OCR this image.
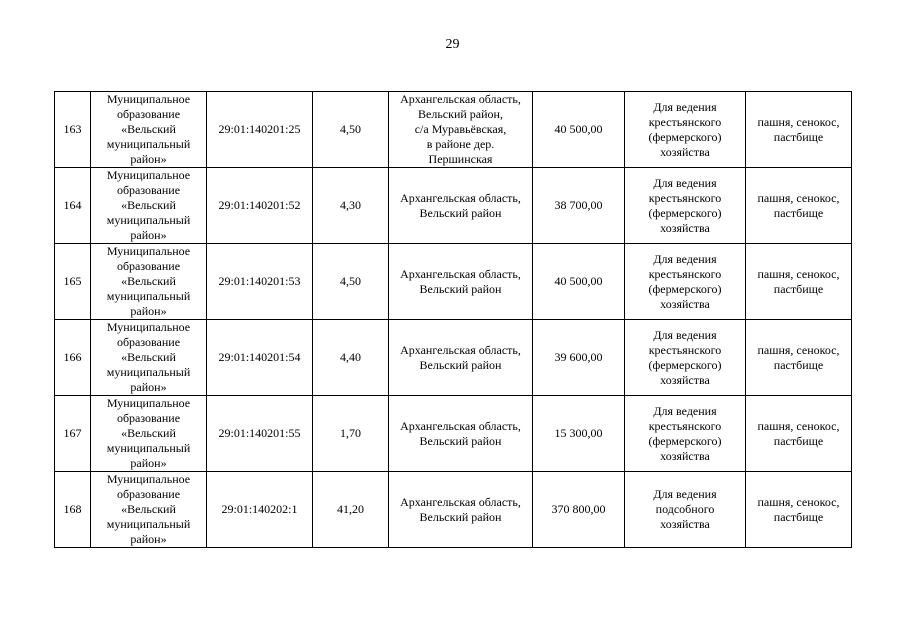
29
163	Муниципальное
образование
«Вельский
муниципальный
район»	29:01:140201:25	4,50	Архангельская область,
Вельский район,
с/а Муравьёвская,
в районе дер.
Першинская	40 500,00	Для ведения
крестьянского
(фермерского)
хозяйства	пашня, сенокос,
пастбище
164	Муниципальное
образование
«Вельский
муниципальный
район»	29:01:140201:52	4,30	Архангельская область,
Вельский район	38 700,00	Для ведения
крестьянского
(фермерского)
хозяйства	пашня, сенокос,
пастбище
165	Муниципальное
образование
«Вельский
муниципальный
район»	29:01:140201:53	4,50	Архангельская область,
Вельский район	40 500,00	Для ведения
крестьянского
(фермерского)
хозяйства	пашня, сенокос,
пастбище
166	Муниципальное
образование
«Вельский
муниципальный
район»	29:01:140201:54	4,40	Архангельская область,
Вельский район	39 600,00	Для ведения
крестьянского
(фермерского)
хозяйства	пашня, сенокос,
пастбище
167	Муниципальное
образование
«Вельский
муниципальный
район»	29:01:140201:55	1,70	Архангельская область,
Вельский район	15 300,00	Для ведения
крестьянского
(фермерского)
хозяйства	пашня, сенокос,
пастбище
168	Муниципальное
образование
«Вельский
муниципальный
район»	29:01:140202:1	41,20	Архангельская область,
Вельский район	370 800,00	Для ведения
подсобного
хозяйства	пашня, сенокос,
пастбище
